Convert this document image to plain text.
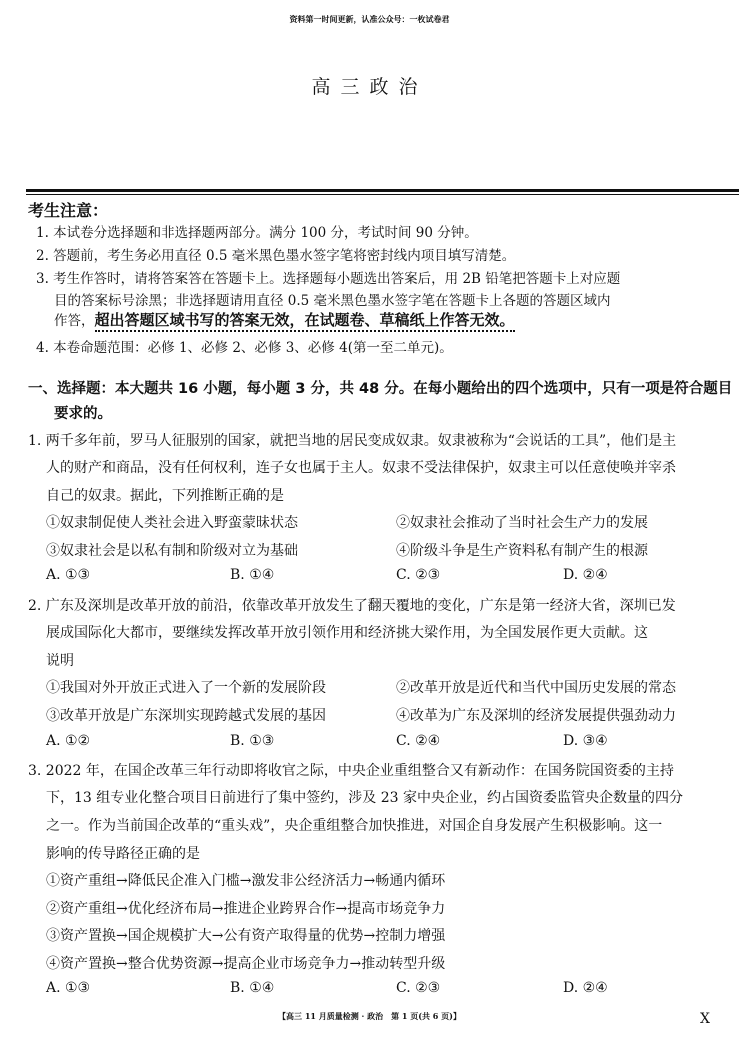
资料第一时间更新，认准公众号：一枚试卷君
高三政治
考生注意：
1. 本试卷分选择题和非选择题两部分。满分 100 分，考试时间 90 分钟。
2. 答题前，考生务必用直径 0.5 毫米黑色墨水签字笔将密封线内项目填写清楚。
3. 考生作答时，请将答案答在答题卡上。选择题每小题选出答案后，用 2B 铅笔把答题卡上对应题
目的答案标号涂黑；非选择题请用直径 0.5 毫米黑色墨水签字笔在答题卡上各题的答题区域内
作答，超出答题区域书写的答案无效，在试题卷、草稿纸上作答无效。
4. 本卷命题范围：必修 1、必修 2、必修 3、必修 4(第一至二单元)。
一、选择题：本大题共 16 小题，每小题 3 分，共 48 分。在每小题给出的四个选项中，只有一项是符合题目
要求的。
1. 两千多年前，罗马人征服别的国家，就把当地的居民变成奴隶。奴隶被称为“会说话的工具”，他们是主
人的财产和商品，没有任何权利，连子女也属于主人。奴隶不受法律保护，奴隶主可以任意使唤并宰杀
自己的奴隶。据此，下列推断正确的是
①奴隶制促使人类社会进入野蛮蒙昧状态	②奴隶社会推动了当时社会生产力的发展
③奴隶社会是以私有制和阶级对立为基础	④阶级斗争是生产资料私有制产生的根源
A. ①③	B. ①④	C. ②③	D. ②④
2. 广东及深圳是改革开放的前沿，依靠改革开放发生了翻天覆地的变化，广东是第一经济大省，深圳已发
展成国际化大都市，要继续发挥改革开放引领作用和经济挑大梁作用，为全国发展作更大贡献。这
说明
①我国对外开放正式进入了一个新的发展阶段	②改革开放是近代和当代中国历史发展的常态
③改革开放是广东深圳实现跨越式发展的基因	④改革为广东及深圳的经济发展提供强劲动力
A. ①②	B. ①③	C. ②④	D. ③④
3. 2022 年，在国企改革三年行动即将收官之际，中央企业重组整合又有新动作：在国务院国资委的主持
下，13 组专业化整合项目日前进行了集中签约，涉及 23 家中央企业，约占国资委监管央企数量的四分
之一。作为当前国企改革的“重头戏”，央企重组整合加快推进，对国企自身发展产生积极影响。这一
影响的传导路径正确的是
①资产重组→降低民企准入门槛→激发非公经济活力→畅通内循环
②资产重组→优化经济布局→推进企业跨界合作→提高市场竞争力
③资产置换→国企规模扩大→公有资产取得量的优势→控制力增强
④资产置换→整合优势资源→提高企业市场竞争力→推动转型升级
A. ①③	B. ①④	C. ②③	D. ②④
【高三 11 月质量检测 · 政治　第 1 页(共 6 页)】	X
